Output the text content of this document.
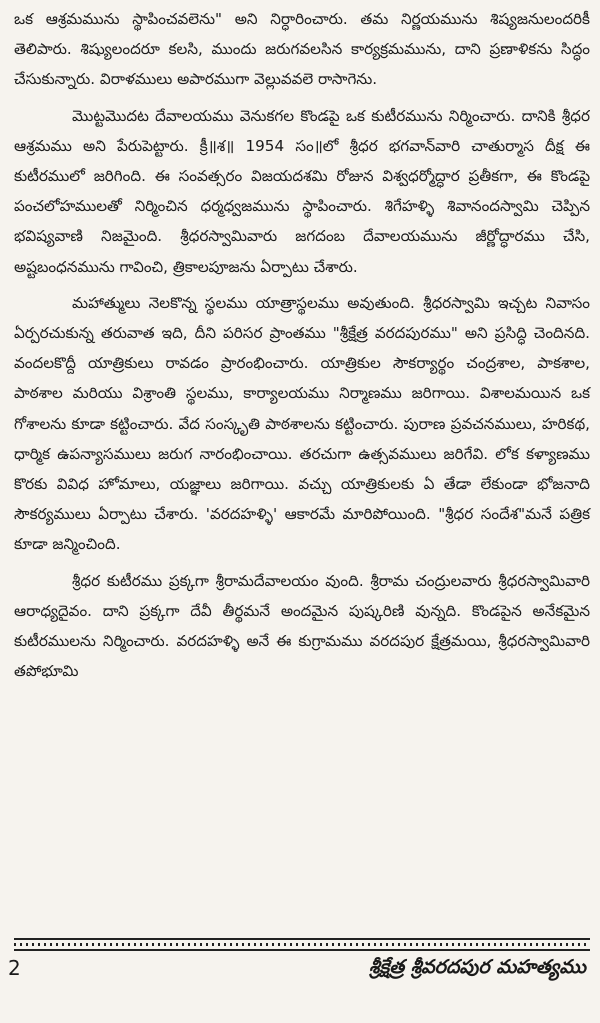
ఒక ఆశ్రమమును స్థాపించవలెను" అని నిర్ధారించారు. తమ నిర్ణయమును శిష్యజనులందరికీ తెలిపారు. శిష్యులందరూ కలసి, ముందు జరుగవలసిన కార్యక్రమమును, దాని ప్రణాళికను సిద్ధం చేసుకున్నారు. విరాళములు అపారముగా వెల్లువవలె రాసాగెను.

మొట్టమొదట దేవాలయము వెనుకగల కొండపై ఒక కుటీరమును నిర్మించారు. దానికి శ్రీధర ఆశ్రమము అని పేరుపెట్టారు. క్రీ॥శ॥ 1954 సం॥లో శ్రీధర భగవాన్‌వారి చాతుర్మాస దీక్ష ఈ కుటీరములో జరిగింది. ఈ సంవత్సరం విజయదశమి రోజున విశ్వధర్మోద్ధార ప్రతీకగా, ఈ కొండపై పంచలోహములతో నిర్మించిన ధర్మధ్వజమును స్థాపించారు. శిగేహళ్ళి శివానందస్వామి చెప్పిన భవిష్యవాణి నిజమైంది. శ్రీధరస్వామివారు జగదంబ దేవాలయమును జీర్ణోద్ధారము చేసి, అష్టబంధనమును గావించి, త్రికాలపూజను ఏర్పాటు చేశారు.

మహాత్ములు నెలకొన్న స్థలము యాత్రాస్థలము అవుతుంది. శ్రీధరస్వామి ఇచ్చట నివాసం ఏర్పరచుకున్న తరువాత ఇది, దీని పరిసర ప్రాంతము "శ్రీక్షేత్ర వరదపురము" అని ప్రసిద్ధి చెందినది. వందలకొద్దీ యాత్రికులు రావడం ప్రారంభించారు. యాత్రికుల సౌకర్యార్థం చంద్రశాల, పాకశాల, పాఠశాల మరియు విశ్రాంతి స్థలము, కార్యాలయము నిర్మాణము జరిగాయి. విశాలమయిన ఒక గోశాలను కూడా కట్టించారు. వేద సంస్కృతి పాఠశాలను కట్టించారు. పురాణ ప్రవచనములు, హరికథ, ధార్మిక ఉపన్యాసములు జరుగ నారంభించాయి. తరచుగా ఉత్సవములు జరిగేవి. లోక కళ్యాణము కొరకు వివిధ హోమాలు, యజ్ఞాలు జరిగాయి. వచ్చు యాత్రికులకు ఏ తేడా లేకుండా భోజనాది సౌకర్యములు ఏర్పాటు చేశారు. 'వరదహళ్ళి' ఆకారమే మారిపోయింది. "శ్రీధర సందేశ"మనే పత్రిక కూడా జన్మించింది.

శ్రీధర కుటీరము ప్రక్కగా శ్రీరామదేవాలయం వుంది. శ్రీరామ చంద్రులవారు శ్రీధరస్వామివారి ఆరాధ్యదైవం. దాని ప్రక్కగా దేవీ తీర్థమనే అందమైన పుష్కరిణి వున్నది. కొండపైన అనేకమైన కుటీరములను నిర్మించారు. వరదహళ్ళి అనే ఈ కుగ్రామము వరదపుర క్షేత్రమయి, శ్రీధరస్వామివారి తపోభూమి

2	శ్రీక్షేత్ర శ్రీవరదపుర మహత్యము
